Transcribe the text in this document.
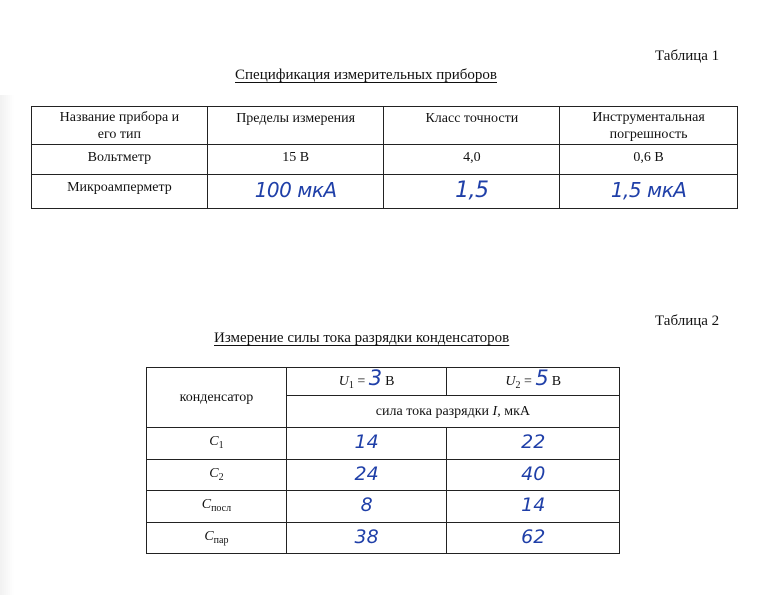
Таблица 1
Спецификация измерительных приборов
Название прибора и
его тип	Пределы измерения	Класс точности	Инструментальная
погрешность
Вольтметр	15 В	4,0	0,6 В
Микроамперметр	100 мкА	1,5	1,5 мкА
Таблица 2
Измерение силы тока разрядки конденсаторов
конденсатор	$U_1 = 3$ В	$U_2 = 5$ В
	сила тока разрядки I, мкА	
$C_1$	14	22
$C_2$	24	40
$C_{посл}$	8	14
$C_{пар}$	38	62
